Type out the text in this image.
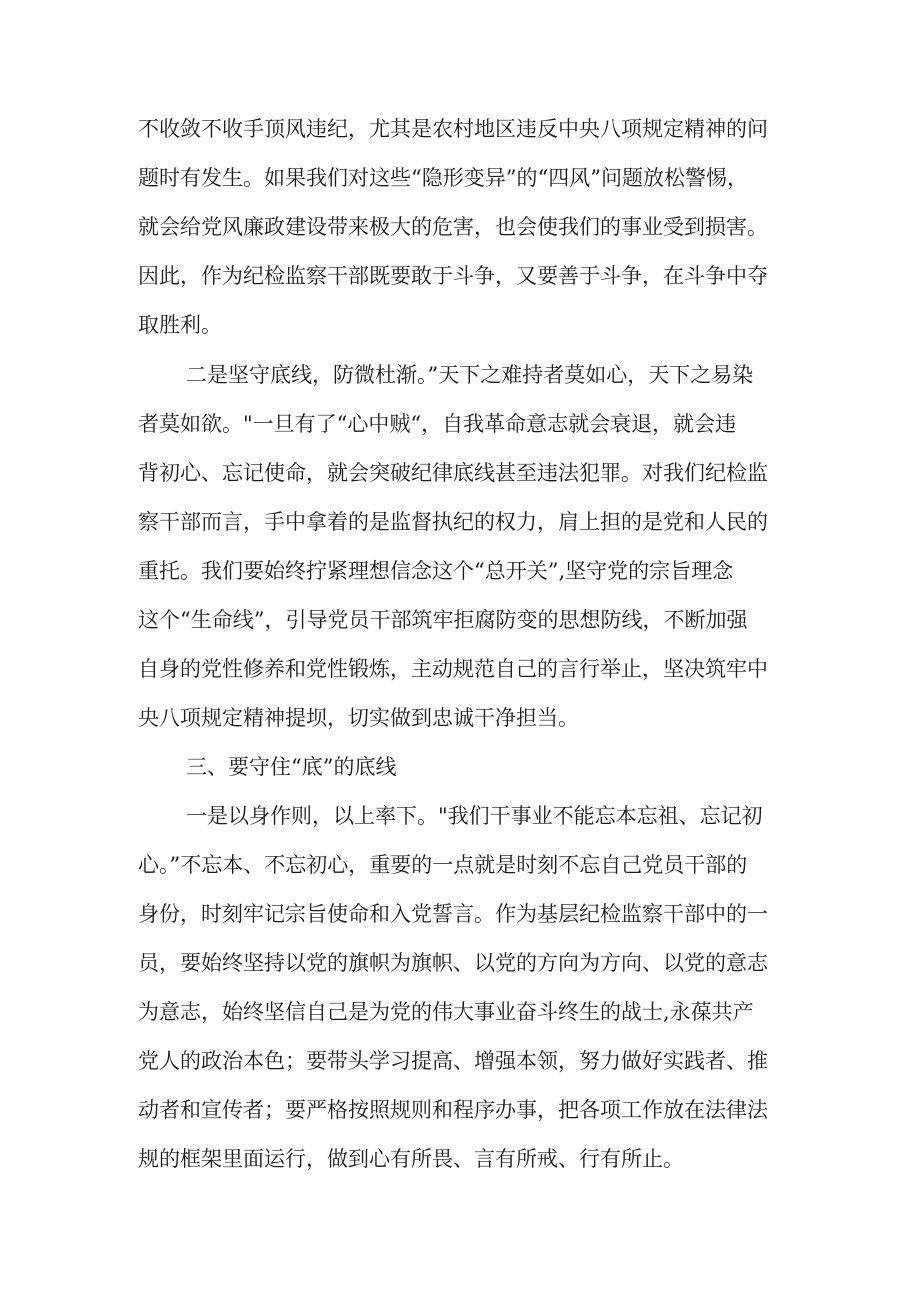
不收敛不收手顶风违纪，尤其是农村地区违反中央八项规定精神的问
题时有发生。如果我们对这些“隐形变异”的“四风”问题放松警惕，
就会给党风廉政建设带来极大的危害，也会使我们的事业受到损害。
因此，作为纪检监察干部既要敢于斗争，又要善于斗争，在斗争中夺
取胜利。
二是坚守底线，防微杜渐。”天下之难持者莫如心，天下之易染
者莫如欲。"一旦有了“心中贼“，自我革命意志就会衰退，就会违
背初心、忘记使命，就会突破纪律底线甚至违法犯罪。对我们纪检监
察干部而言，手中拿着的是监督执纪的权力，肩上担的是党和人民的
重托。我们要始终拧紧理想信念这个“总开关”,坚守党的宗旨理念
这个“生命线”，引导党员干部筑牢拒腐防变的思想防线，不断加强
自身的党性修养和党性锻炼，主动规范自己的言行举止，坚决筑牢中
央八项规定精神提坝，切实做到忠诚干净担当。
三、要守住“底”的底线
一是以身作则，以上率下。"我们干事业不能忘本忘祖、忘记初
心。”不忘本、不忘初心，重要的一点就是时刻不忘自己党员干部的
身份，时刻牢记宗旨使命和入党誓言。作为基层纪检监察干部中的一
员，要始终坚持以党的旗帜为旗帜、以党的方向为方向、以党的意志
为意志，始终坚信自己是为党的伟大事业奋斗终生的战士,永葆共产
党人的政治本色；要带头学习提高、增强本领，努力做好实践者、推
动者和宣传者；要严格按照规则和程序办事，把各项工作放在法律法
规的框架里面运行，做到心有所畏、言有所戒、行有所止。
